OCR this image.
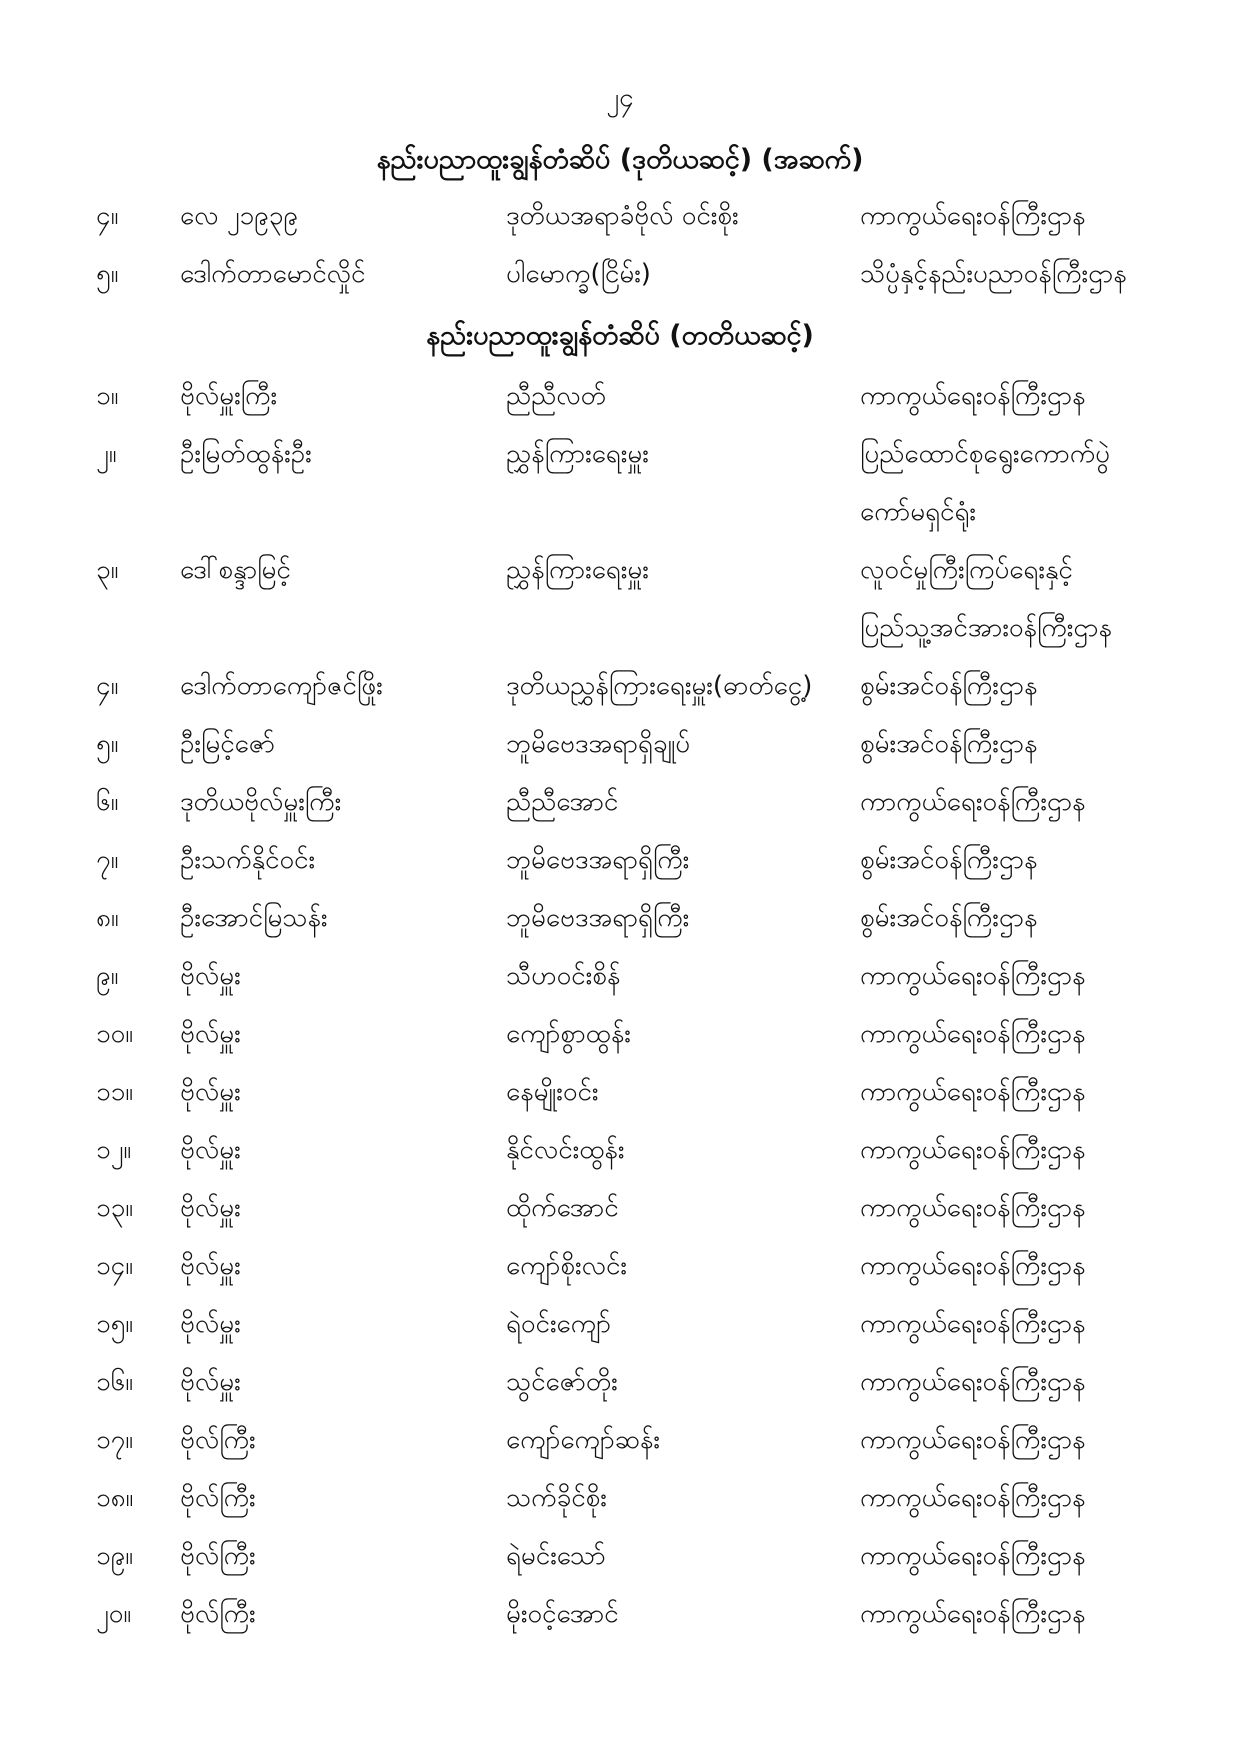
၂၄
နည်းပညာထူးချွန်တံဆိပ် (ဒုတိယဆင့်) (အဆက်)
၄။ လေ ၂၁၉၃၉	ဒုတိယအရာခံဗိုလ် ဝင်းစိုး	ကာကွယ်ရေးဝန်ကြီးဌာန
၅။ ဒေါက်တာမောင်လှိုင်	ပါမောက္ခ(ငြိမ်း)	သိပ္ပံနှင့်နည်းပညာဝန်ကြီးဌာန
နည်းပညာထူးချွန်တံဆိပ် (တတိယဆင့်)
၁။ ဗိုလ်မှူးကြီး	ညီညီလတ်	ကာကွယ်ရေးဝန်ကြီးဌာန
၂။ ဦးမြတ်ထွန်းဦး	ညွှန်ကြားရေးမှူး	ပြည်ထောင်စုရွေးကောက်ပွဲ
ကော်မရှင်ရုံး
၃။ ဒေါ်စန္ဒာမြင့်	ညွှန်ကြားရေးမှူး	လူဝင်မှုကြီးကြပ်ရေးနှင့်
ပြည်သူ့အင်အားဝန်ကြီးဌာန
၄။ ဒေါက်တာကျော်ဇင်ဖြိုး	ဒုတိယညွှန်ကြားရေးမှူး(ဓာတ်ငွေ့) စွမ်းအင်ဝန်ကြီးဌာန
၅။ ဦးမြင့်ဇော်	ဘူမိဗေဒအရာရှိချုပ်	စွမ်းအင်ဝန်ကြီးဌာန
၆။ ဒုတိယဗိုလ်မှူးကြီး	ညီညီအောင်	ကာကွယ်ရေးဝန်ကြီးဌာန
၇။ ဦးသက်နိုင်ဝင်း	ဘူမိဗေဒအရာရှိကြီး	စွမ်းအင်ဝန်ကြီးဌာန
၈။ ဦးအောင်မြသန်း	ဘူမိဗေဒအရာရှိကြီး	စွမ်းအင်ဝန်ကြီးဌာန
၉။ ဗိုလ်မှူး	သီဟဝင်းစိန်	ကာကွယ်ရေးဝန်ကြီးဌာန
၁၀။ ဗိုလ်မှူး	ကျော်စွာထွန်း	ကာကွယ်ရေးဝန်ကြီးဌာန
၁၁။ ဗိုလ်မှူး	နေမျိုးဝင်း	ကာကွယ်ရေးဝန်ကြီးဌာန
၁၂။ ဗိုလ်မှူး	နိုင်လင်းထွန်း	ကာကွယ်ရေးဝန်ကြီးဌာန
၁၃။ ဗိုလ်မှူး	ထိုက်အောင်	ကာကွယ်ရေးဝန်ကြီးဌာန
၁၄။ ဗိုလ်မှူး	ကျော်စိုးလင်း	ကာကွယ်ရေးဝန်ကြီးဌာန
၁၅။ ဗိုလ်မှူး	ရဲဝင်းကျော်	ကာကွယ်ရေးဝန်ကြီးဌာန
၁၆။ ဗိုလ်မှူး	သွင်ဇော်တိုး	ကာကွယ်ရေးဝန်ကြီးဌာန
၁၇။ ဗိုလ်ကြီး	ကျော်ကျော်ဆန်း	ကာကွယ်ရေးဝန်ကြီးဌာန
၁၈။ ဗိုလ်ကြီး	သက်ခိုင်စိုး	ကာကွယ်ရေးဝန်ကြီးဌာန
၁၉။ ဗိုလ်ကြီး	ရဲမင်းသော်	ကာကွယ်ရေးဝန်ကြီးဌာန
၂၀။ ဗိုလ်ကြီး	မိုးဝင့်အောင်	ကာကွယ်ရေးဝန်ကြီးဌာန
